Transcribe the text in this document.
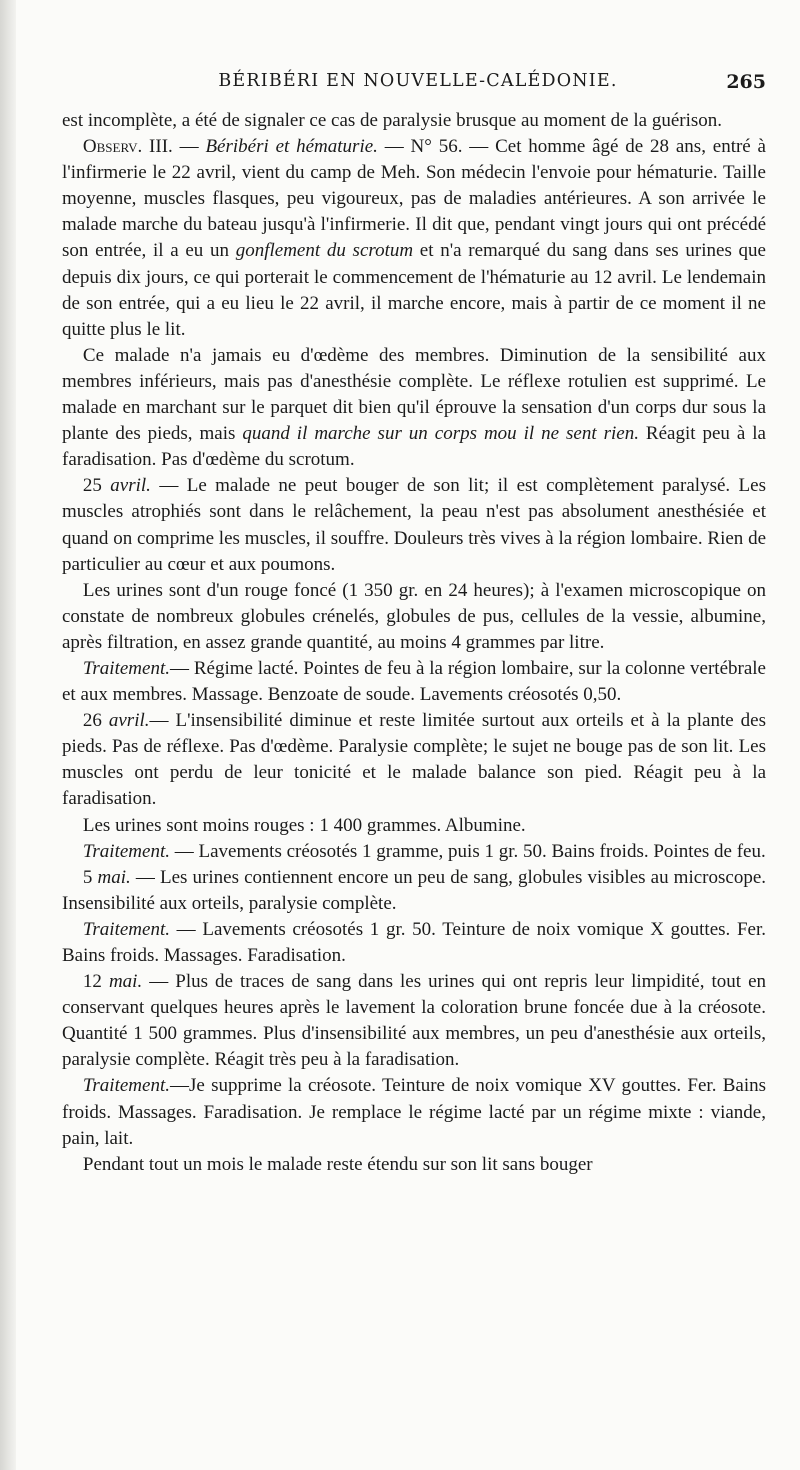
BÉRIBÉRI EN NOUVELLE-CALÉDONIE.	265

est incomplète, a été de signaler ce cas de paralysie brusque au moment de la guérison.

Observ. III. — Béribéri et hématurie. — N° 56. — Cet homme âgé de 28 ans, entré à l'infirmerie le 22 avril, vient du camp de Meh. Son médecin l'envoie pour hématurie. Taille moyenne, muscles flasques, peu vigoureux, pas de maladies antérieures. A son arrivée le malade marche du bateau jusqu'à l'infirmerie. Il dit que, pendant vingt jours qui ont précédé son entrée, il a eu un gonflement du scrotum et n'a remarqué du sang dans ses urines que depuis dix jours, ce qui porterait le commencement de l'hématurie au 12 avril. Le lendemain de son entrée, qui a eu lieu le 22 avril, il marche encore, mais à partir de ce moment il ne quitte plus le lit.

Ce malade n'a jamais eu d'œdème des membres. Diminution de la sensibilité aux membres inférieurs, mais pas d'anesthésie complète. Le réflexe rotulien est supprimé. Le malade en marchant sur le parquet dit bien qu'il éprouve la sensation d'un corps dur sous la plante des pieds, mais quand il marche sur un corps mou il ne sent rien. Réagit peu à la faradisation. Pas d'œdème du scrotum.

25 avril. — Le malade ne peut bouger de son lit; il est complètement paralysé. Les muscles atrophiés sont dans le relâchement, la peau n'est pas absolument anesthésiée et quand on comprime les muscles, il souffre. Douleurs très vives à la région lombaire. Rien de particulier au cœur et aux poumons.

Les urines sont d'un rouge foncé (1 350 gr. en 24 heures); à l'examen microscopique on constate de nombreux globules crénelés, globules de pus, cellules de la vessie, albumine, après filtration, en assez grande quantité, au moins 4 grammes par litre.

Traitement.— Régime lacté. Pointes de feu à la région lombaire, sur la colonne vertébrale et aux membres. Massage. Benzoate de soude. Lavements créosotés 0,50.

26 avril.— L'insensibilité diminue et reste limitée surtout aux orteils et à la plante des pieds. Pas de réflexe. Pas d'œdème. Paralysie complète; le sujet ne bouge pas de son lit. Les muscles ont perdu de leur tonicité et le malade balance son pied. Réagit peu à la faradisation.

Les urines sont moins rouges : 1 400 grammes. Albumine.

Traitement. — Lavements créosotés 1 gramme, puis 1 gr. 50. Bains froids. Pointes de feu.

5 mai. — Les urines contiennent encore un peu de sang, globules visibles au microscope. Insensibilité aux orteils, paralysie complète.

Traitement. — Lavements créosotés 1 gr. 50. Teinture de noix vomique X gouttes. Fer. Bains froids. Massages. Faradisation.

12 mai. — Plus de traces de sang dans les urines qui ont repris leur limpidité, tout en conservant quelques heures après le lavement la coloration brune foncée due à la créosote. Quantité 1 500 grammes. Plus d'insensibilité aux membres, un peu d'anesthésie aux orteils, paralysie complète. Réagit très peu à la faradisation.

Traitement.—Je supprime la créosote. Teinture de noix vomique XV gouttes. Fer. Bains froids. Massages. Faradisation. Je remplace le régime lacté par un régime mixte : viande, pain, lait.

Pendant tout un mois le malade reste étendu sur son lit sans bouger
